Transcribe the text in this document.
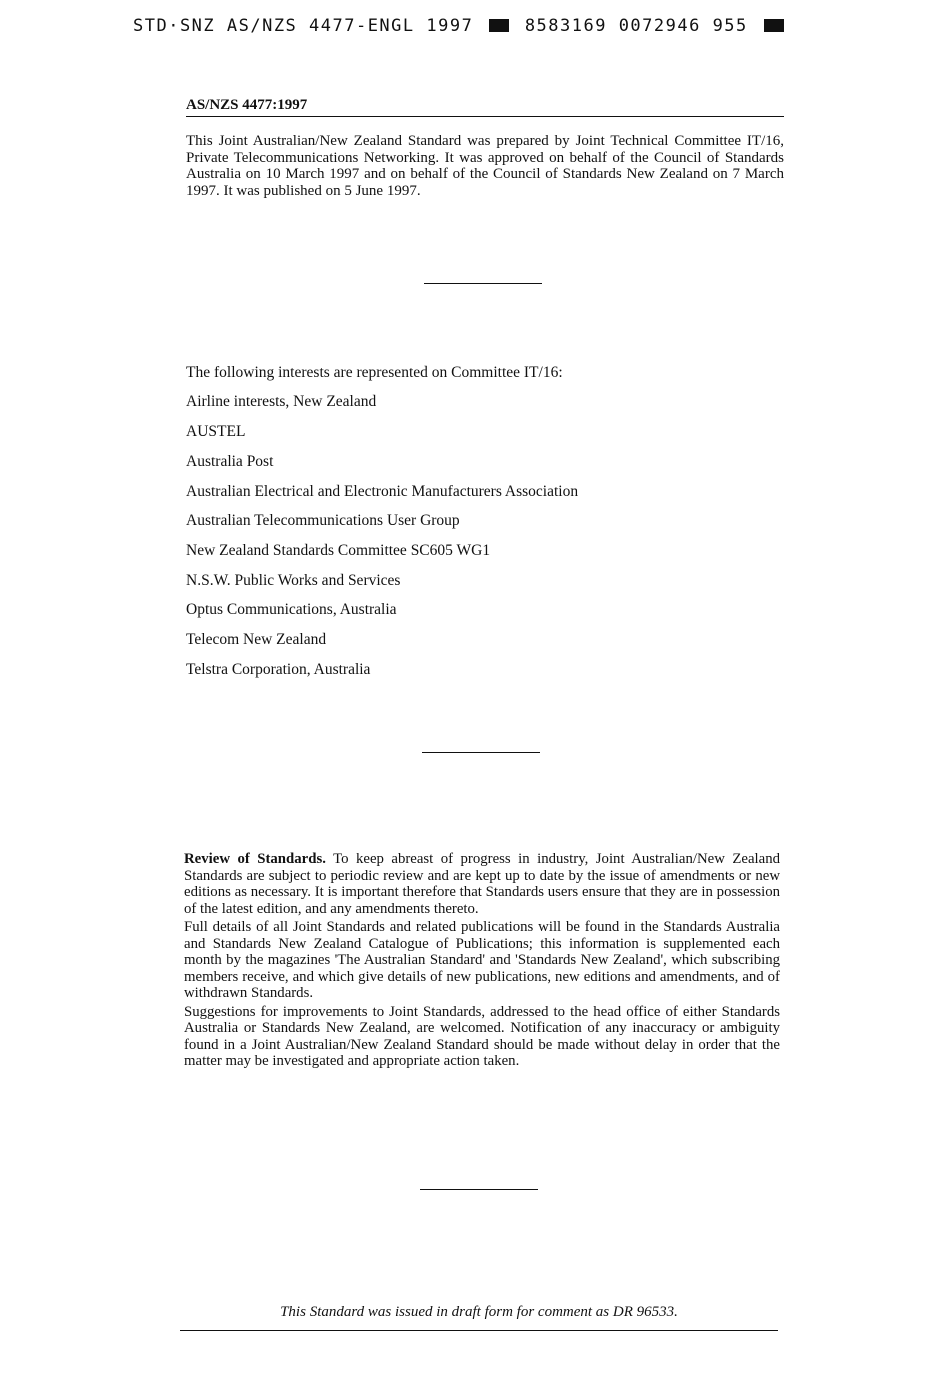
STD·SNZ AS/NZS 4477-ENGL 1997	8583169 0072946 955
AS/NZS 4477:1997
This Joint Australian/New Zealand Standard was prepared by Joint Technical Committee IT/16, Private Telecommunications Networking. It was approved on behalf of the Council of Standards Australia on 10 March 1997 and on behalf of the Council of Standards New Zealand on 7 March 1997. It was published on 5 June 1997.
The following interests are represented on Committee IT/16:
Airline interests, New Zealand
AUSTEL
Australia Post
Australian Electrical and Electronic Manufacturers Association
Australian Telecommunications User Group
New Zealand Standards Committee SC605 WG1
N.S.W. Public Works and Services
Optus Communications, Australia
Telecom New Zealand
Telstra Corporation, Australia

Review of Standards. To keep abreast of progress in industry, Joint Australian/New Zealand Standards are subject to periodic review and are kept up to date by the issue of amendments or new editions as necessary. It is important therefore that Standards users ensure that they are in possession of the latest edition, and any amendments thereto.

Full details of all Joint Standards and related publications will be found in the Standards Australia and Standards New Zealand Catalogue of Publications; this information is supplemented each month by the magazines 'The Australian Standard' and 'Standards New Zealand', which subscribing members receive, and which give details of new publications, new editions and amendments, and of withdrawn Standards.

Suggestions for improvements to Joint Standards, addressed to the head office of either Standards Australia or Standards New Zealand, are welcomed. Notification of any inaccuracy or ambiguity found in a Joint Australian/New Zealand Standard should be made without delay in order that the matter may be investigated and appropriate action taken.

This Standard was issued in draft form for comment as DR 96533.
